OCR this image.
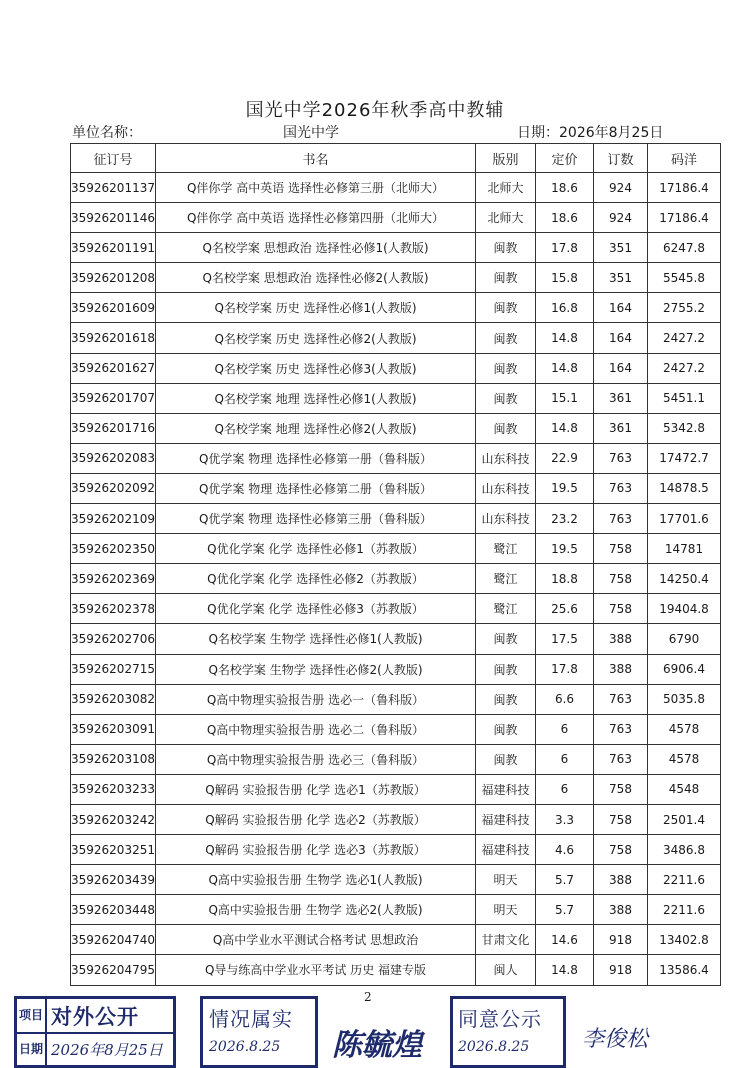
国光中学2026年秋季高中教辅
单位名称：	国光中学	日期：2026年8月25日
征订号	书名	版别	定价	订数	码洋
35926201137	Q伴你学 高中英语 选择性必修第三册（北师大）	北师大	18.6	924	17186.4
35926201146	Q伴你学 高中英语 选择性必修第四册（北师大）	北师大	18.6	924	17186.4
35926201191	Q名校学案 思想政治 选择性必修1(人教版)	闽教	17.8	351	6247.8
35926201208	Q名校学案 思想政治 选择性必修2(人教版)	闽教	15.8	351	5545.8
35926201609	Q名校学案 历史 选择性必修1(人教版)	闽教	16.8	164	2755.2
35926201618	Q名校学案 历史 选择性必修2(人教版)	闽教	14.8	164	2427.2
35926201627	Q名校学案 历史 选择性必修3(人教版)	闽教	14.8	164	2427.2
35926201707	Q名校学案 地理 选择性必修1(人教版)	闽教	15.1	361	5451.1
35926201716	Q名校学案 地理 选择性必修2(人教版)	闽教	14.8	361	5342.8
35926202083	Q优学案 物理 选择性必修第一册（鲁科版）	山东科技	22.9	763	17472.7
35926202092	Q优学案 物理 选择性必修第二册（鲁科版）	山东科技	19.5	763	14878.5
35926202109	Q优学案 物理 选择性必修第三册（鲁科版）	山东科技	23.2	763	17701.6
35926202350	Q优化学案 化学 选择性必修1（苏教版）	鹭江	19.5	758	14781
35926202369	Q优化学案 化学 选择性必修2（苏教版）	鹭江	18.8	758	14250.4
35926202378	Q优化学案 化学 选择性必修3（苏教版）	鹭江	25.6	758	19404.8
35926202706	Q名校学案 生物学 选择性必修1(人教版)	闽教	17.5	388	6790
35926202715	Q名校学案 生物学 选择性必修2(人教版)	闽教	17.8	388	6906.4
35926203082	Q高中物理实验报告册 选必一（鲁科版）	闽教	6.6	763	5035.8
35926203091	Q高中物理实验报告册 选必二（鲁科版）	闽教	6	763	4578
35926203108	Q高中物理实验报告册 选必三（鲁科版）	闽教	6	763	4578
35926203233	Q解码 实验报告册 化学 选必1（苏教版）	福建科技	6	758	4548
35926203242	Q解码 实验报告册 化学 选必2（苏教版）	福建科技	3.3	758	2501.4
35926203251	Q解码 实验报告册 化学 选必3（苏教版）	福建科技	4.6	758	3486.8
35926203439	Q高中实验报告册 生物学 选必1(人教版)	明天	5.7	388	2211.6
35926203448	Q高中实验报告册 生物学 选必2(人教版)	明天	5.7	388	2211.6
35926204740	Q高中学业水平测试合格考试 思想政治	甘肃文化	14.6	918	13402.8
35926204795	Q导与练高中学业水平考试 历史 福建专版	闽人	14.8	918	13586.4
2
项目 对外公开
日期 2026年8月25日
情况属实
2026.8.25 陈毓煌
同意公示
2026.8.25 李俊松
